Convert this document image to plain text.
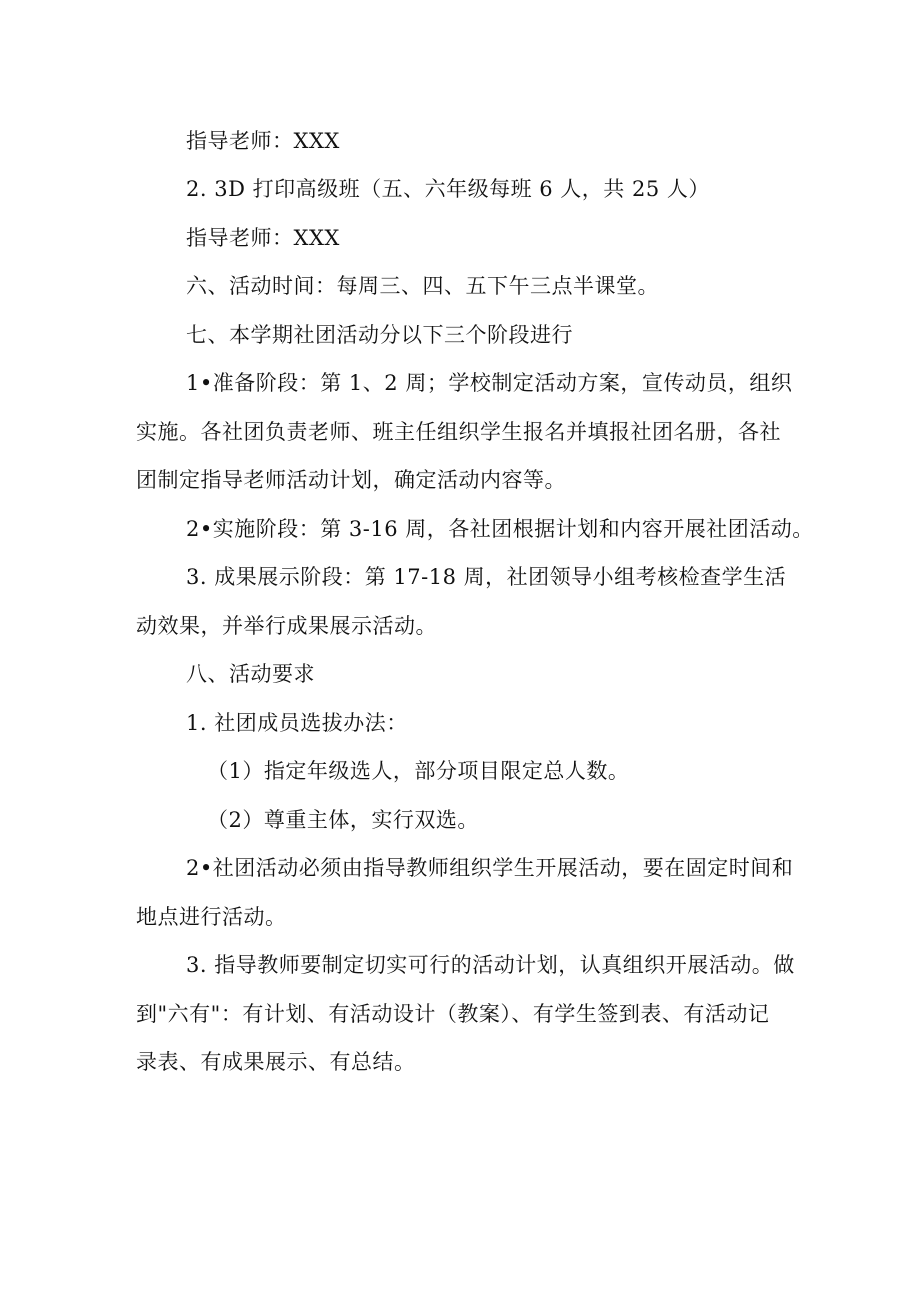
指导老师：XXX
2. 3D 打印高级班（五、六年级每班 6 人，共 25 人）
指导老师：XXX
六、活动时间：每周三、四、五下午三点半课堂。
七、本学期社团活动分以下三个阶段进行
1•准备阶段：第 1、2 周；学校制定活动方案，宣传动员，组织
实施。各社团负责老师、班主任组织学生报名并填报社团名册，各社
团制定指导老师活动计划，确定活动内容等。
2•实施阶段：第 3-16 周，各社团根据计划和内容开展社团活动。
3. 成果展示阶段：第 17-18 周，社团领导小组考核检查学生活
动效果，并举行成果展示活动。
八、活动要求
1. 社团成员选拔办法：
（1）指定年级选人，部分项目限定总人数。
（2）尊重主体，实行双选。
2•社团活动必须由指导教师组织学生开展活动，要在固定时间和
地点进行活动。
3. 指导教师要制定切实可行的活动计划，认真组织开展活动。做
到"六有"：有计划、有活动设计（教案）、有学生签到表、有活动记
录表、有成果展示、有总结。
